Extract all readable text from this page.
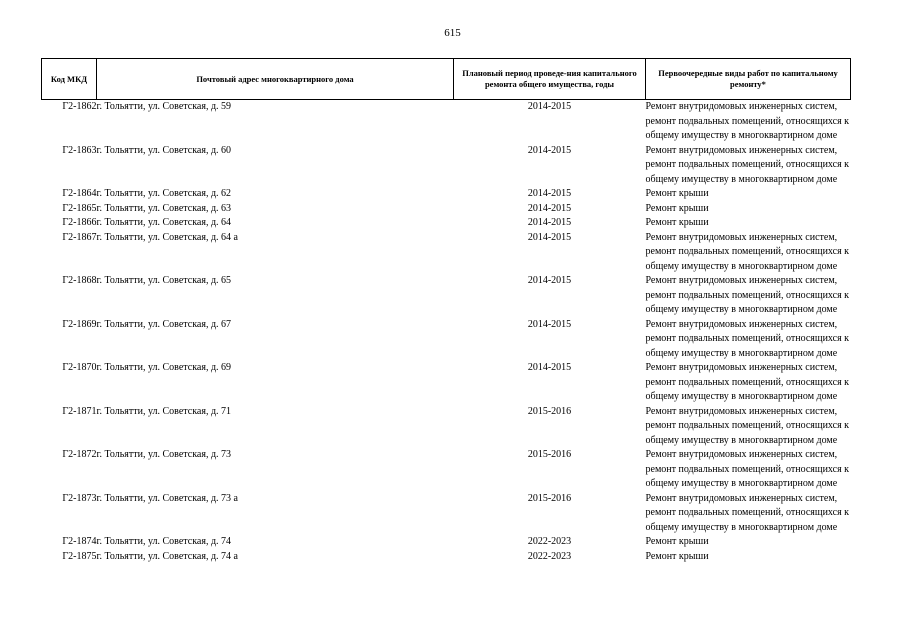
615
Код МКД	Почтовый адрес многоквартирного дома	Плановый период проведе-ния капитального ремонта общего имущества, годы	Первоочередные виды работ по капитальному ремонту*
Г2-1862	г. Тольятти, ул. Советская, д. 59	2014-2015	Ремонт внутридомовых инженерных систем,
ремонт подвальных помещений, относящихся к
общему имуществу в многоквартирном доме

Г2-1863	г. Тольятти, ул. Советская, д. 60	2014-2015	Ремонт внутридомовых инженерных систем,
ремонт подвальных помещений, относящихся к
общему имуществу в многоквартирном доме

Г2-1864	г. Тольятти, ул. Советская, д. 62	2014-2015	Ремонт крыши

Г2-1865	г. Тольятти, ул. Советская, д. 63	2014-2015	Ремонт крыши

Г2-1866	г. Тольятти, ул. Советская, д. 64	2014-2015	Ремонт крыши

Г2-1867	г. Тольятти, ул. Советская, д. 64 а	2014-2015	Ремонт внутридомовых инженерных систем,
ремонт подвальных помещений, относящихся к
общему имуществу в многоквартирном доме

Г2-1868	г. Тольятти, ул. Советская, д. 65	2014-2015	Ремонт внутридомовых инженерных систем,
ремонт подвальных помещений, относящихся к
общему имуществу в многоквартирном доме

Г2-1869	г. Тольятти, ул. Советская, д. 67	2014-2015	Ремонт внутридомовых инженерных систем,
ремонт подвальных помещений, относящихся к
общему имуществу в многоквартирном доме

Г2-1870	г. Тольятти, ул. Советская, д. 69	2014-2015	Ремонт внутридомовых инженерных систем,
ремонт подвальных помещений, относящихся к
общему имуществу в многоквартирном доме

Г2-1871	г. Тольятти, ул. Советская, д. 71	2015-2016	Ремонт внутридомовых инженерных систем,
ремонт подвальных помещений, относящихся к
общему имуществу в многоквартирном доме

Г2-1872	г. Тольятти, ул. Советская, д. 73	2015-2016	Ремонт внутридомовых инженерных систем,
ремонт подвальных помещений, относящихся к
общему имуществу в многоквартирном доме

Г2-1873	г. Тольятти, ул. Советская, д. 73 а	2015-2016	Ремонт внутридомовых инженерных систем,
ремонт подвальных помещений, относящихся к
общему имуществу в многоквартирном доме

Г2-1874	г. Тольятти, ул. Советская, д. 74	2022-2023	Ремонт крыши

Г2-1875	г. Тольятти, ул. Советская, д. 74 а	2022-2023	Ремонт крыши
